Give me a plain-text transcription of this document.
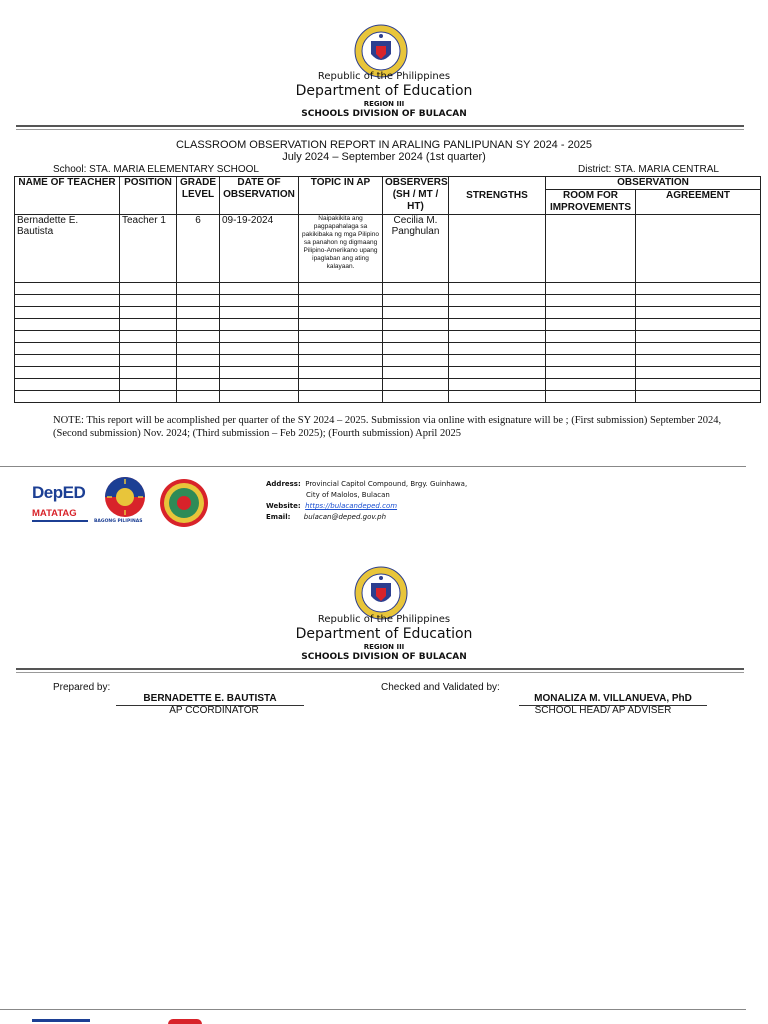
Republic of the Philippines
Department of Education
REGION III
SCHOOLS DIVISION OF BULACAN
CLASSROOM OBSERVATION REPORT IN ARALING PANLIPUNAN SY 2024 - 2025
July 2024 – September 2024 (1st quarter)
School: STA. MARIA ELEMENTARY SCHOOL	District: STA. MARIA CENTRAL
NAME OF TEACHER	POSITION	GRADE LEVEL	DATE OF OBSERVATION	TOPIC IN AP	OBSERVERS (SH / MT / HT)		OBSERVATION	
						STRENGTHS	ROOM FOR IMPROVEMENTS	AGREEMENT
Bernadette E. Bautista	Teacher 1	6	09-19-2024	Naipakikita ang pagpapahalaga sa pakikibaka ng mga Pilipino sa panahon ng digmaang Pilipino-Amerikano upang ipaglaban ang ating kalayaan.	Cecilia M. Panghulan			

NOTE: This report will be acomplished per quarter of the SY 2024 – 2025. Submission via online with esignature will be ; (First submission) September 2024, (Second submission) Nov. 2024; (Third submission – Feb 2025); (Fourth submission) April 2025
DepED
MATATAG
BAGONG PILIPINAS
Address: Provincial Capitol Compound, Brgy. Guinhawa,
City of Malolos, Bulacan
Website: https://bulacandeped.com
Email: bulacan@deped.gov.ph
Republic of the Philippines
Department of Education
REGION III
SCHOOLS DIVISION OF BULACAN
Prepared by:
BERNADETTE E. BAUTISTA
AP CCORDINATOR
Checked and Validated by:
MONALIZA M. VILLANUEVA, PhD
SCHOOL HEAD/ AP ADVISER
